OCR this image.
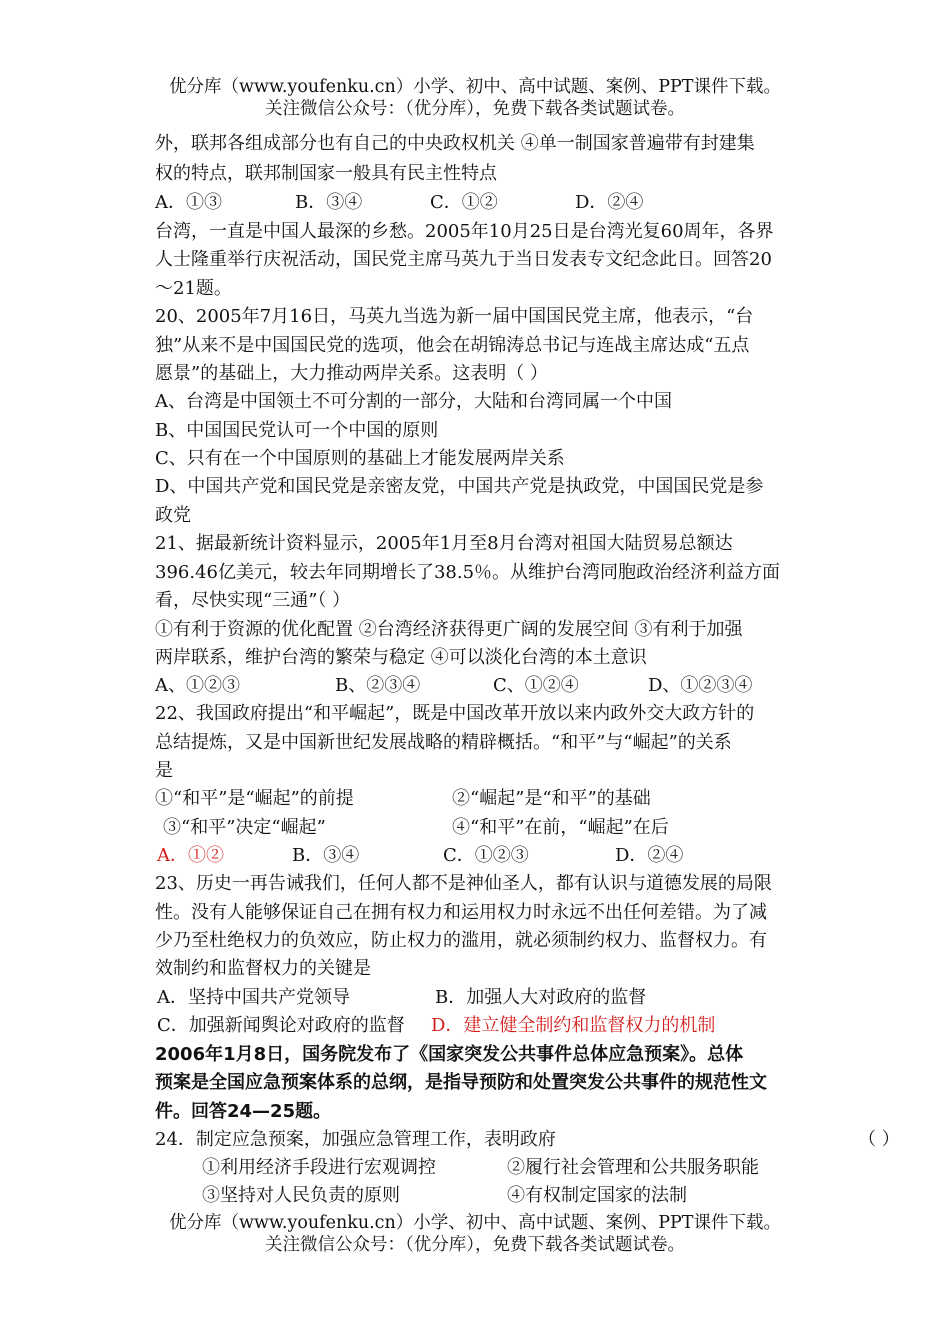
优分库（www.youfenku.cn）小学、初中、高中试题、案例、PPT课件下载。
关注微信公众号：（优分库），免费下载各类试题试卷。
外，联邦各组成部分也有自己的中央政权机关 ④单一制国家普遍带有封建集
权的特点，联邦制国家一般具有民主性特点
A．①③	B．③④	C．①②	D．②④
台湾，一直是中国人最深的乡愁。2005年10月25日是台湾光复60周年，各界
人士隆重举行庆祝活动，国民党主席马英九于当日发表专文纪念此日。回答20
～21题。
20、2005年7月16日，马英九当选为新一届中国国民党主席，他表示，“台
独”从来不是中国国民党的选项，他会在胡锦涛总书记与连战主席达成“五点
愿景”的基础上，大力推动两岸关系。这表明（ ）
A、台湾是中国领土不可分割的一部分，大陆和台湾同属一个中国
B、中国国民党认可一个中国的原则
C、只有在一个中国原则的基础上才能发展两岸关系
D、中国共产党和国民党是亲密友党，中国共产党是执政党，中国国民党是参
政党
21、据最新统计资料显示，2005年1月至8月台湾对祖国大陆贸易总额达
396.46亿美元，较去年同期增长了38.5％。从维护台湾同胞政治经济利益方面
看，尽快实现“三通”（ ）
①有利于资源的优化配置 ②台湾经济获得更广阔的发展空间 ③有利于加强
两岸联系，维护台湾的繁荣与稳定 ④可以淡化台湾的本土意识
A、①②③	B、②③④	C、①②④	D、①②③④
22、我国政府提出“和平崛起”，既是中国改革开放以来内政外交大政方针的
总结提炼，又是中国新世纪发展战略的精辟概括。“和平”与“崛起”的关系
是
①“和平”是“崛起”的前提	②“崛起”是“和平”的基础
③“和平”决定“崛起”	④“和平”在前，“崛起”在后
A．①②	B．③④	C．①②③	D．②④
23、历史一再告诫我们，任何人都不是神仙圣人，都有认识与道德发展的局限
性。没有人能够保证自己在拥有权力和运用权力时永远不出任何差错。为了减
少乃至杜绝权力的负效应，防止权力的滥用，就必须制约权力、监督权力。有
效制约和监督权力的关键是
A．坚持中国共产党领导	B．加强人大对政府的监督
C．加强新闻舆论对政府的监督 D．建立健全制约和监督权力的机制
2006年1月8日，国务院发布了《国家突发公共事件总体应急预案》。总体
预案是全国应急预案体系的总纲，是指导预防和处置突发公共事件的规范性文
件。回答24—25题。
24．制定应急预案，加强应急管理工作，表明政府	（ ）
①利用经济手段进行宏观调控	②履行社会管理和公共服务职能
③坚持对人民负责的原则	④有权制定国家的法制
优分库（www.youfenku.cn）小学、初中、高中试题、案例、PPT课件下载。
关注微信公众号：（优分库），免费下载各类试题试卷。
